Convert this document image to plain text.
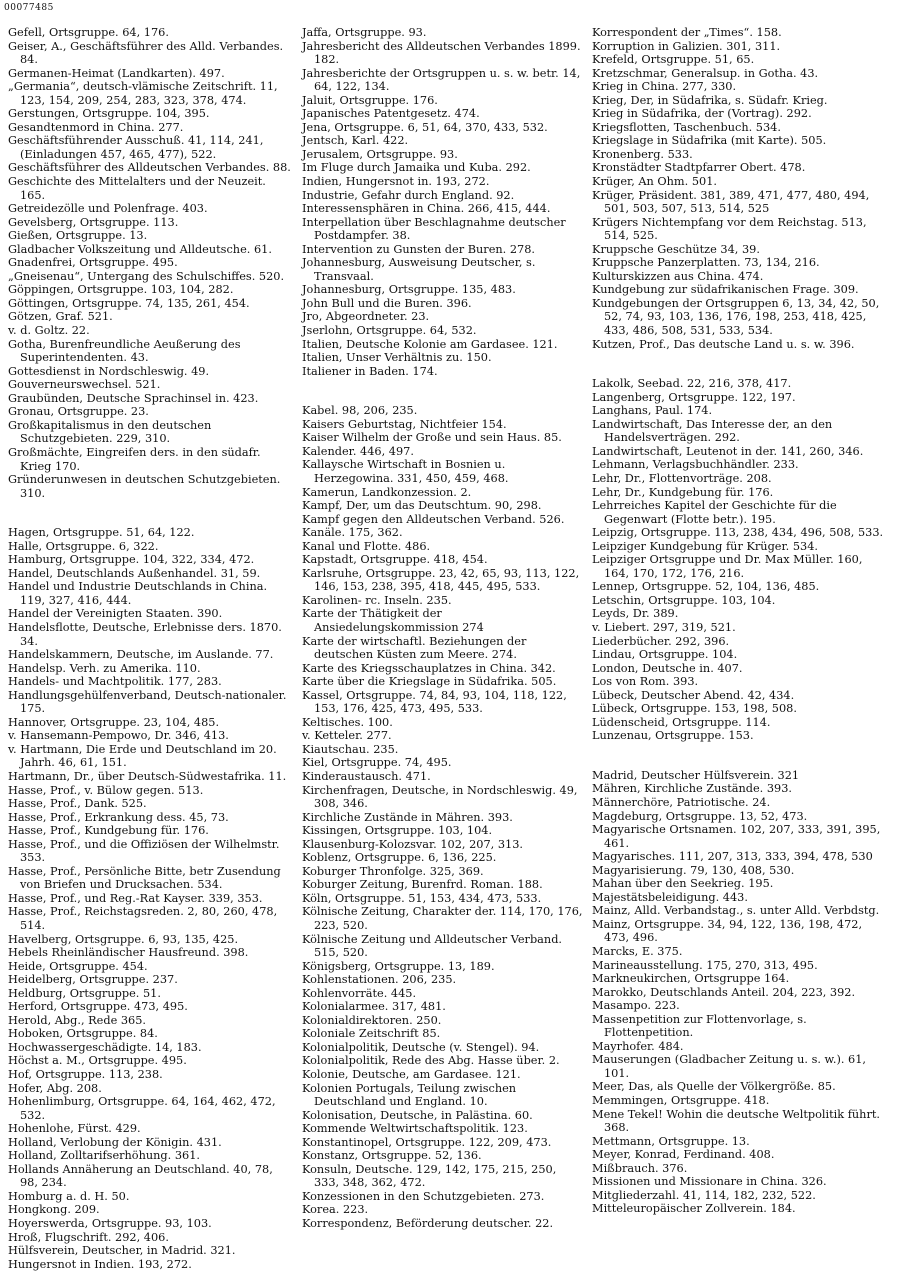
00077485
Gefell, Ortsgruppe. 64, 176.
Geiser, A., Geschäftsführer des Alld. Verbandes. 84.
Germanen-Heimat (Landkarten). 497.
„Germania“, deutsch-vlämische Zeitschrift. 11, 123, 154, 209, 254, 283, 323, 378, 474.
Gerstungen, Ortsgruppe. 104, 395.
Gesandtenmord in China. 277.
Geschäftsführender Ausschuß. 41, 114, 241, (Einladungen 457, 465, 477), 522.
Geschäftsführer des Alldeutschen Verbandes. 88.
Geschichte des Mittelalters und der Neuzeit. 165.
Getreidezölle und Polenfrage. 403.
Gevelsberg, Ortsgruppe. 113.
Gießen, Ortsgruppe. 13.
Gladbacher Volkszeitung und Alldeutsche. 61.
Gnadenfrei, Ortsgruppe. 495.
„Gneisenau“, Untergang des Schulschiffes. 520.
Göppingen, Ortsgruppe. 103, 104, 282.
Göttingen, Ortsgruppe. 74, 135, 261, 454.
Götzen, Graf. 521.
v. d. Goltz. 22.
Gotha, Burenfreundliche Aeußerung des Superintendenten. 43.
Gottesdienst in Nordschleswig. 49.
Gouverneurswechsel. 521.
Graubünden, Deutsche Sprachinsel in. 423.
Gronau, Ortsgruppe. 23.
Großkapitalismus in den deutschen Schutzgebieten. 229, 310.
Großmächte, Eingreifen ders. in den südafr. Krieg 170.
Gründerunwesen in deutschen Schutzgebieten. 310.
Hagen, Ortsgruppe. 51, 64, 122.
Halle, Ortsgruppe. 6, 322.
Hamburg, Ortsgruppe. 104, 322, 334, 472.
Handel, Deutschlands Außenhandel. 31, 59.
Handel und Industrie Deutschlands in China. 119, 327, 416, 444.
Handel der Vereinigten Staaten. 390.
Handelsflotte, Deutsche, Erlebnisse ders. 1870. 34.
Handelskammern, Deutsche, im Auslande. 77.
Handelsp. Verh. zu Amerika. 110.
Handels- und Machtpolitik. 177, 283.
Handlungsgehülfenverband, Deutsch-nationaler. 175.
Hannover, Ortsgruppe. 23, 104, 485.
v. Hansemann-Pempowo, Dr. 346, 413.
v. Hartmann, Die Erde und Deutschland im 20. Jahrh. 46, 61, 151.
Hartmann, Dr., über Deutsch-Südwestafrika. 11.
Hasse, Prof., v. Bülow gegen. 513.
Hasse, Prof., Dank. 525.
Hasse, Prof., Erkrankung dess. 45, 73.
Hasse, Prof., Kundgebung für. 176.
Hasse, Prof., und die Offiziösen der Wilhelmstr. 353.
Hasse, Prof., Persönliche Bitte, betr Zusendung von Briefen und Drucksachen. 534.
Hasse, Prof., und Reg.-Rat Kayser. 339, 353.
Hasse, Prof., Reichstagsreden. 2, 80, 260, 478, 514.
Havelberg, Ortsgruppe. 6, 93, 135, 425.
Hebels Rheinländischer Hausfreund. 398.
Heide, Ortsgruppe. 454.
Heidelberg, Ortsgruppe. 237.
Heldburg, Ortsgruppe. 51.
Herford, Ortsgruppe. 473, 495.
Herold, Abg., Rede 365.
Hoboken, Ortsgruppe. 84.
Hochwassergeschädigte. 14, 183.
Höchst a. M., Ortsgruppe. 495.
Hof, Ortsgruppe. 113, 238.
Hofer, Abg. 208.
Hohenlimburg, Ortsgruppe. 64, 164, 462, 472, 532.
Hohenlohe, Fürst. 429.
Holland, Verlobung der Königin. 431.
Holland, Zolltarifserhöhung. 361.
Hollands Annäherung an Deutschland. 40, 78, 98, 234.
Homburg a. d. H. 50.
Hongkong. 209.
Hoyerswerda, Ortsgruppe. 93, 103.
Hroß, Flugschrift. 292, 406.
Hülfsverein, Deutscher, in Madrid. 321.
Hungersnot in Indien. 193, 272.
Jaffa, Ortsgruppe. 93.
Jahresbericht des Alldeutschen Verbandes 1899. 182.
Jahresberichte der Ortsgruppen u. s. w. betr. 14, 64, 122, 134.
Jaluit, Ortsgruppe. 176.
Japanisches Patentgesetz. 474.
Jena, Ortsgruppe. 6, 51, 64, 370, 433, 532.
Jentsch, Karl. 422.
Jerusalem, Ortsgruppe. 93.
Im Fluge durch Jamaika und Kuba. 292.
Indien, Hungersnot in. 193, 272.
Industrie, Gefahr durch England. 92.
Interessensphären in China. 266, 415, 444.
Interpellation über Beschlagnahme deutscher Postdampfer. 38.
Intervention zu Gunsten der Buren. 278.
Johannesburg, Ausweisung Deutscher, s. Transvaal.
Johannesburg, Ortsgruppe. 135, 483.
John Bull und die Buren. 396.
Jro, Abgeordneter. 23.
Jserlohn, Ortsgruppe. 64, 532.
Italien, Deutsche Kolonie am Gardasee. 121.
Italien, Unser Verhältnis zu. 150.
Italiener in Baden. 174.
Kabel. 98, 206, 235.
Kaisers Geburtstag, Nichtfeier 154.
Kaiser Wilhelm der Große und sein Haus. 85.
Kalender. 446, 497.
Kallaysche Wirtschaft in Bosnien u. Herzegowina. 331, 450, 459, 468.
Kamerun, Landkonzession. 2.
Kampf, Der, um das Deutschtum. 90, 298.
Kampf gegen den Alldeutschen Verband. 526.
Kanäle. 175, 362.
Kanal und Flotte. 486.
Kapstadt, Ortsgruppe. 418, 454.
Karlsruhe, Ortsgruppe. 23, 42, 65, 93, 113, 122, 146, 153, 238, 395, 418, 445, 495, 533.
Karolinen- rc. Inseln. 235.
Karte der Thätigkeit der Ansiedelungskommission 274
Karte der wirtschaftl. Beziehungen der deutschen Küsten zum Meere. 274.
Karte des Kriegsschauplatzes in China. 342.
Karte über die Kriegslage in Südafrika. 505.
Kassel, Ortsgruppe. 74, 84, 93, 104, 118, 122, 153, 176, 425, 473, 495, 533.
Keltisches. 100.
v. Ketteler. 277.
Kiautschau. 235.
Kiel, Ortsgruppe. 74, 495.
Kinderaustausch. 471.
Kirchenfragen, Deutsche, in Nordschleswig. 49, 308, 346.
Kirchliche Zustände in Mähren. 393.
Kissingen, Ortsgruppe. 103, 104.
Klausenburg-Kolozsvar. 102, 207, 313.
Koblenz, Ortsgruppe. 6, 136, 225.
Koburger Thronfolge. 325, 369.
Koburger Zeitung, Burenfrd. Roman. 188.
Köln, Ortsgruppe. 51, 153, 434, 473, 533.
Kölnische Zeitung, Charakter der. 114, 170, 176, 223, 520.
Kölnische Zeitung und Alldeutscher Verband. 515, 520.
Königsberg, Ortsgruppe. 13, 189.
Kohlenstationen. 206, 235.
Kohlenvorräte. 445.
Kolonialarmee. 317, 481.
Kolonialdirektoren. 250.
Koloniale Zeitschrift 85.
Kolonialpolitik, Deutsche (v. Stengel). 94.
Kolonialpolitik, Rede des Abg. Hasse über. 2.
Kolonie, Deutsche, am Gardasee. 121.
Kolonien Portugals, Teilung zwischen Deutschland und England. 10.
Kolonisation, Deutsche, in Palästina. 60.
Kommende Weltwirtschaftspolitik. 123.
Konstantinopel, Ortsgruppe. 122, 209, 473.
Konstanz, Ortsgruppe. 52, 136.
Konsuln, Deutsche. 129, 142, 175, 215, 250, 333, 348, 362, 472.
Konzessionen in den Schutzgebieten. 273.
Korea. 223.
Korrespondenz, Beförderung deutscher. 22.
Korrespondent der „Times“. 158.
Korruption in Galizien. 301, 311.
Krefeld, Ortsgruppe. 51, 65.
Kretzschmar, Generalsup. in Gotha. 43.
Krieg in China. 277, 330.
Krieg, Der, in Südafrika, s. Südafr. Krieg.
Krieg in Südafrika, der (Vortrag). 292.
Kriegsflotten, Taschenbuch. 534.
Kriegslage in Südafrika (mit Karte). 505.
Kronenberg. 533.
Kronstädter Stadtpfarrer Obert. 478.
Krüger, An Ohm. 501.
Krüger, Präsident. 381, 389, 471, 477, 480, 494, 501, 503, 507, 513, 514, 525
Krügers Nichtempfang vor dem Reichstag. 513, 514, 525.
Kruppsche Geschütze 34, 39.
Kruppsche Panzerplatten. 73, 134, 216.
Kulturskizzen aus China. 474.
Kundgebung zur südafrikanischen Frage. 309.
Kundgebungen der Ortsgruppen 6, 13, 34, 42, 50, 52, 74, 93, 103, 136, 176, 198, 253, 418, 425, 433, 486, 508, 531, 533, 534.
Kutzen, Prof., Das deutsche Land u. s. w. 396.
Lakolk, Seebad. 22, 216, 378, 417.
Langenberg, Ortsgruppe. 122, 197.
Langhans, Paul. 174.
Landwirtschaft, Das Interesse der, an den Handelsverträgen. 292.
Landwirtschaft, Leutenot in der. 141, 260, 346.
Lehmann, Verlagsbuchhändler. 233.
Lehr, Dr., Flottenvorträge. 208.
Lehr, Dr., Kundgebung für. 176.
Lehrreiches Kapitel der Geschichte für die Gegenwart (Flotte betr.). 195.
Leipzig, Ortsgruppe. 113, 238, 434, 496, 508, 533.
Leipziger Kundgebung für Krüger. 534.
Leipziger Ortsgruppe und Dr. Max Müller. 160, 164, 170, 172, 176, 216.
Lennep, Ortsgruppe. 52, 104, 136, 485.
Letschin, Ortsgruppe. 103, 104.
Leyds, Dr. 389.
v. Liebert. 297, 319, 521.
Liederbücher. 292, 396.
Lindau, Ortsgruppe. 104.
London, Deutsche in. 407.
Los von Rom. 393.
Lübeck, Deutscher Abend. 42, 434.
Lübeck, Ortsgruppe. 153, 198, 508.
Lüdenscheid, Ortsgruppe. 114.
Lunzenau, Ortsgruppe. 153.
Madrid, Deutscher Hülfsverein. 321
Mähren, Kirchliche Zustände. 393.
Männerchöre, Patriotische. 24.
Magdeburg, Ortsgruppe. 13, 52, 473.
Magyarische Ortsnamen. 102, 207, 333, 391, 395, 461.
Magyarisches. 111, 207, 313, 333, 394, 478, 530
Magyarisierung. 79, 130, 408, 530.
Mahan über den Seekrieg. 195.
Majestätsbeleidigung. 443.
Mainz, Alld. Verbandstag., s. unter Alld. Verbdstg.
Mainz, Ortsgruppe. 34, 94, 122, 136, 198, 472, 473, 496.
Marcks, E. 375.
Marineausstellung. 175, 270, 313, 495.
Markneukirchen, Ortsgruppe 164.
Marokko, Deutschlands Anteil. 204, 223, 392.
Masampo. 223.
Massenpetition zur Flottenvorlage, s. Flottenpetition.
Mayrhofer. 484.
Mauserungen (Gladbacher Zeitung u. s. w.). 61, 101.
Meer, Das, als Quelle der Völkergröße. 85.
Memmingen, Ortsgruppe. 418.
Mene Tekel! Wohin die deutsche Weltpolitik führt. 368.
Mettmann, Ortsgruppe. 13.
Meyer, Konrad, Ferdinand. 408.
Mißbrauch. 376.
Missionen und Missionare in China. 326.
Mitgliederzahl. 41, 114, 182, 232, 522.
Mitteleuropäischer Zollverein. 184.
